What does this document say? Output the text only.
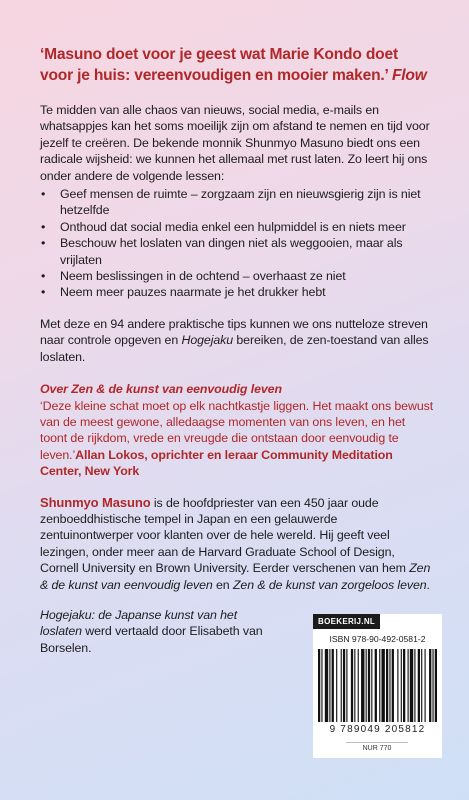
‘Masuno doet voor je geest wat Marie Kondo doet voor je huis: vereenvoudigen en mooier maken.’ Flow
Te midden van alle chaos van nieuws, social media, e-mails en whatsappjes kan het soms moeilijk zijn om afstand te nemen en tijd voor jezelf te creëren. De bekende monnik Shunmyo Masuno biedt ons een radicale wijsheid: we kunnen het allemaal met rust laten. Zo leert hij ons onder andere de volgende lessen:
• Geef mensen de ruimte – zorgzaam zijn en nieuwsgierig zijn is niet hetzelfde
• Onthoud dat social media enkel een hulpmiddel is en niets meer
• Beschouw het loslaten van dingen niet als weggooien, maar als vrijlaten
• Neem beslissingen in de ochtend – overhaast ze niet
• Neem meer pauzes naarmate je het drukker hebt
Met deze en 94 andere praktische tips kunnen we ons nutteloze streven naar controle opgeven en Hogejaku bereiken, de zen-toestand van alles loslaten.
Over Zen & de kunst van eenvoudig leven
‘Deze kleine schat moet op elk nachtkastje liggen. Het maakt ons bewust van de meest gewone, alledaagse momenten van ons leven, en het toont de rijkdom, vrede en vreugde die ontstaan door eenvoudig te leven.’Allan Lokos, oprichter en leraar Community Meditation Center, New York
Shunmyo Masuno is de hoofdpriester van een 450 jaar oude zenboeddhistische tempel in Japan en een gelauwerde zentuinontwerper voor klanten over de hele wereld. Hij geeft veel lezingen, onder meer aan de Harvard Graduate School of Design, Cornell University en Brown University. Eerder verschenen van hem Zen & de kunst van eenvoudig leven en Zen & de kunst van zorgeloos leven.
Hogejaku: de Japanse kunst van het loslaten werd vertaald door Elisabeth van Borselen.
BOEKERIJ.NL
ISBN 978-90-492-0581-2
9 789049 205812
NUR 770
